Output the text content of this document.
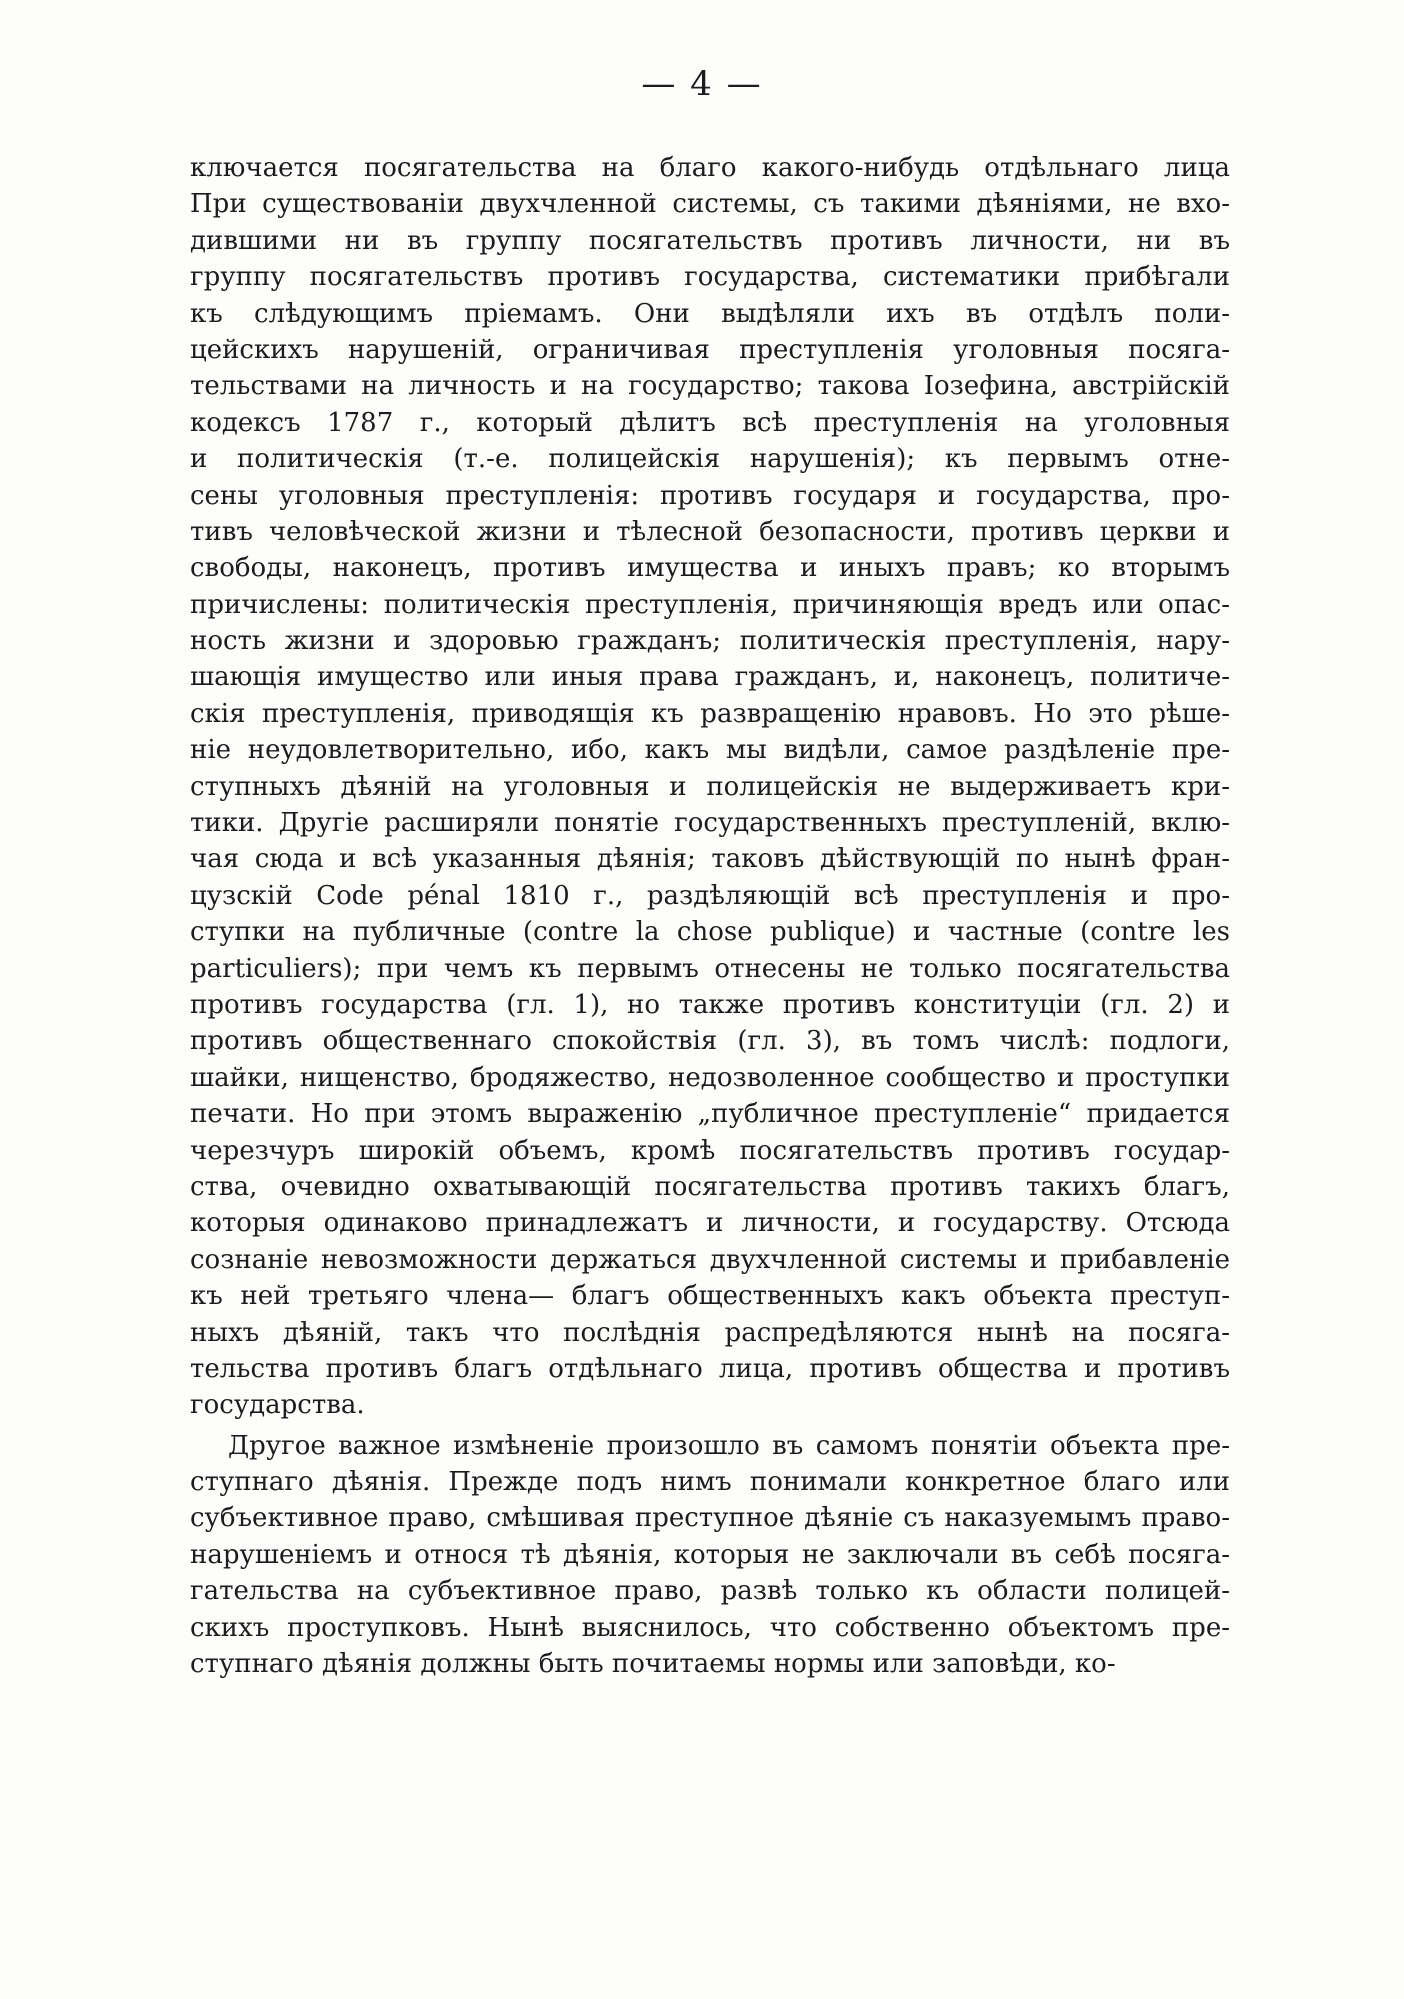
— 4 —
ключается посягательства на благо какого-нибудь отдѣльнаго лица
При существованіи двухчленной системы, съ такими дѣяніями, не вхо-
дившими ни въ группу посягательствъ противъ личности, ни въ
группу посягательствъ противъ государства, систематики прибѣгали
къ слѣдующимъ пріемамъ. Они выдѣляли ихъ въ отдѣлъ поли-
цейскихъ нарушеній, ограничивая преступленія уголовныя посяга-
тельствами на личность и на государство; такова Іозефина, австрійскій
кодексъ 1787 г., который дѣлитъ всѣ преступленія на уголовныя
и политическія (т.-е. полицейскія нарушенія); къ первымъ отне-
сены уголовныя преступленія: противъ государя и государства, про-
тивъ человѣческой жизни и тѣлесной безопасности, противъ церкви и
свободы, наконецъ, противъ имущества и иныхъ правъ; ко вторымъ
причислены: политическія преступленія, причиняющія вредъ или опас-
ность жизни и здоровью гражданъ; политическія преступленія, нару-
шающія имущество или иныя права гражданъ, и, наконецъ, политиче-
скія преступленія, приводящія къ развращенію нравовъ. Но это рѣше-
ніе неудовлетворительно, ибо, какъ мы видѣли, самое раздѣленіе пре-
ступныхъ дѣяній на уголовныя и полицейскія не выдерживаетъ кри-
тики. Другіе расширяли понятіе государственныхъ преступленій, вклю-
чая сюда и всѣ указанныя дѣянія; таковъ дѣйствующій по нынѣ фран-
цузскій Code pénal 1810 г., раздѣляющій всѣ преступленія и про-
ступки на публичные (contre la chose publique) и частные (contre les
particuliers); при чемъ къ первымъ отнесены не только посягательства
противъ государства (гл. 1), но также противъ конституціи (гл. 2) и
противъ общественнаго спокойствія (гл. 3), въ томъ числѣ: подлоги,
шайки, нищенство, бродяжество, недозволенное сообщество и проступки
печати. Но при этомъ выраженію „публичное преступленіе“ придается
черезчуръ широкій объемъ, кромѣ посягательствъ противъ государ-
ства, очевидно охватывающій посягательства противъ такихъ благъ,
которыя одинаково принадлежатъ и личности, и государству. Отсюда
сознаніе невозможности держаться двухчленной системы и прибавленіе
къ ней третьяго члена— благъ общественныхъ какъ объекта преступ-
ныхъ дѣяній, такъ что послѣднія распредѣляются нынѣ на посяга-
тельства противъ благъ отдѣльнаго лица, противъ общества и противъ
государства.
Другое важное измѣненіе произошло въ самомъ понятіи объекта пре-
ступнаго дѣянія. Прежде подъ нимъ понимали конкретное благо или
субъективное право, смѣшивая преступное дѣяніе съ наказуемымъ право-
нарушеніемъ и относя тѣ дѣянія, которыя не заключали въ себѣ посяга-
гательства на субъективное право, развѣ только къ области полицей-
скихъ проступковъ. Нынѣ выяснилось, что собственно объектомъ пре-
ступнаго дѣянія должны быть почитаемы нормы или заповѣди, ко-
